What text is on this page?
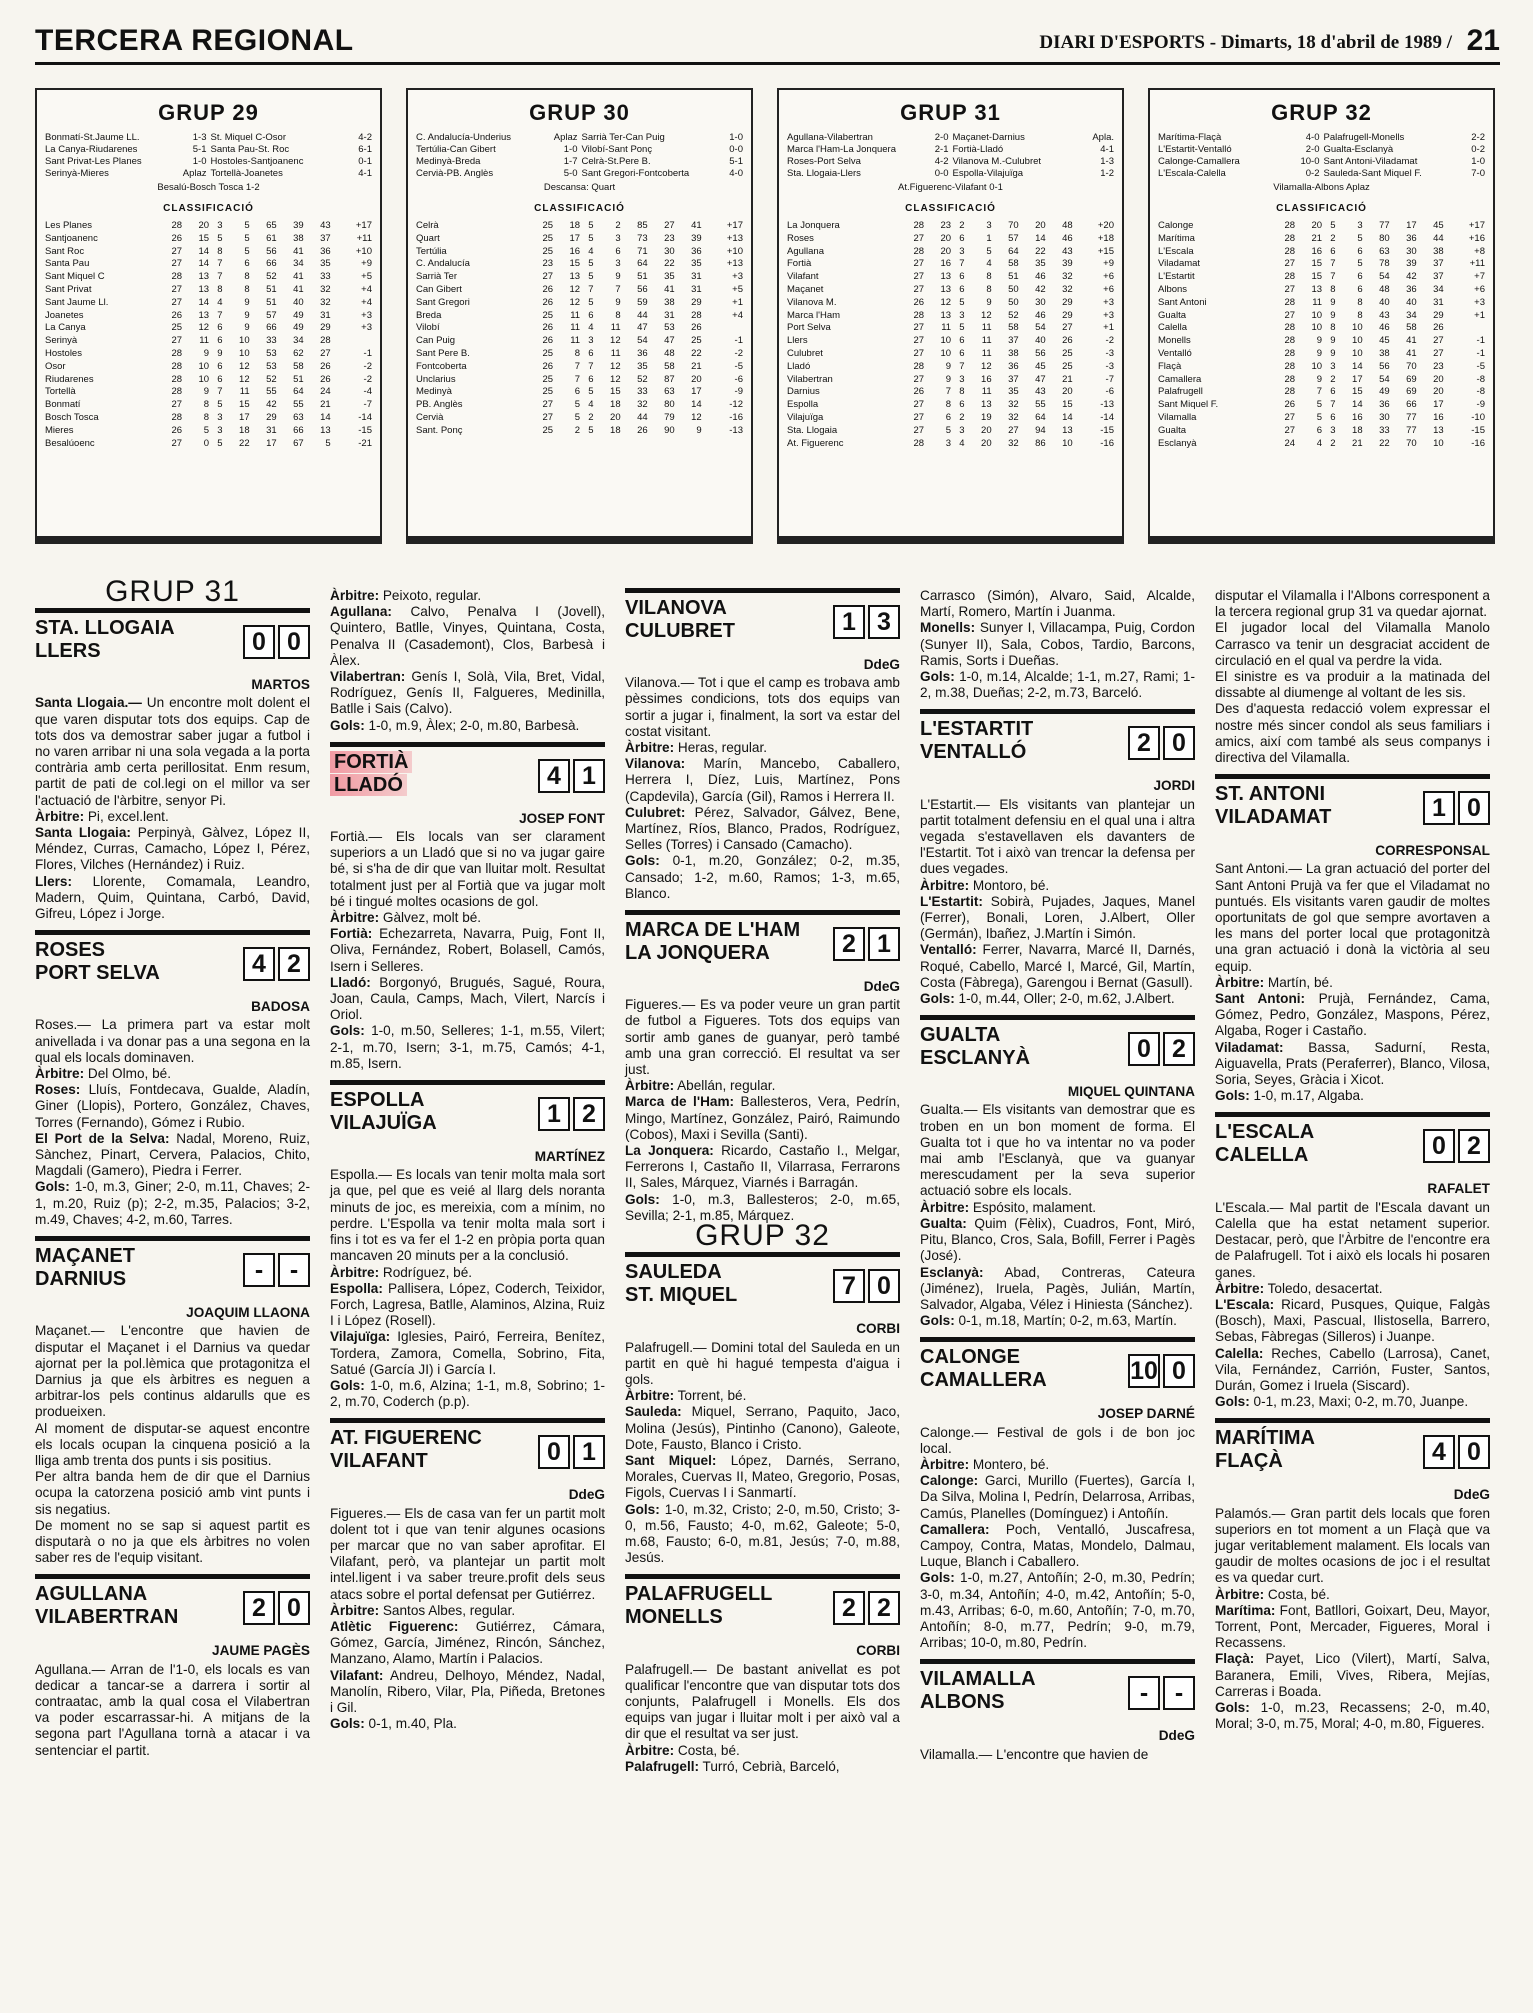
TERCERA REGIONAL	DIARI D'ESPORTS - Dimarts, 18 d'abril de 1989 / 21
GRUP 29
Bonmatí-St.Jaume LL.	1-3 St. Miquel C-Osor	4-2
La Canya-Riudarenes	5-1 Santa Pau-St. Roc	6-1
Sant Privat-Les Planes	1-0 Hostoles-Santjoanenc	0-1
Serinyà-Mieres	Aplaz Tortellà-Joanetes	4-1
Besalú-Bosch Tosca 1-2
CLASSIFICACIÓ
Les Planes	28	20	3	5	65	39	43	+17
Santjoanenc	26	15	5	5	61	38	37	+11
Sant Roc	27	14	8	5	56	41	36	+10
Santa Pau	27	14	7	6	66	34	35	+9
Sant Miquel C	28	13	7	8	52	41	33	+5
Sant Privat	27	13	8	8	51	41	32	+4
Sant Jaume Ll.	27	14	4	9	51	40	32	+4
Joanetes	26	13	7	9	57	49	31	+3
La Canya	25	12	6	9	66	49	29	+3
Serinyà	27	11	6	10	33	34	28	
Hostoles	28	9	9	10	53	62	27	-1
Osor	28	10	6	12	53	58	26	-2
Riudarenes	28	10	6	12	52	51	26	-2
Tortellà	28	9	7	11	55	64	24	-4
Bonmatí	27	8	5	15	42	55	21	-7
Bosch Tosca	28	8	3	17	29	63	14	-14
Mieres	26	5	3	18	31	66	13	-15
Besalúoenc	27	0	5	22	17	67	5	-21
GRUP 30
C. Andalucía-Underius	Aplaz Sarrià Ter-Can Puig	1-0
Tertúlia-Can Gibert	1-0 Vilobí-Sant Ponç	0-0
Medinyà-Breda	1-7 Celrà-St.Pere B.	5-1
Cervià-PB. Anglès	5-0 Sant Gregori-Fontcoberta	4-0
Descansa: Quart
CLASSIFICACIÓ
Celrà	25	18	5	2	85	27	41	+17
Quart	25	17	5	3	73	23	39	+13
Tertúlia	25	16	4	6	71	30	36	+10
C. Andalucía	23	15	5	3	64	22	35	+13
Sarrià Ter	27	13	5	9	51	35	31	+3
Can Gibert	26	12	7	7	56	41	31	+5
Sant Gregori	26	12	5	9	59	38	29	+1
Breda	25	11	6	8	44	31	28	+4
Vilobí	26	11	4	11	47	53	26	
Can Puig	26	11	3	12	54	47	25	-1
Sant Pere B.	25	8	6	11	36	48	22	-2
Fontcoberta	26	7	7	12	35	58	21	-5
Unclarius	25	7	6	12	52	87	20	-6
Medinyà	25	6	5	15	33	63	17	-9
PB. Anglès	27	5	4	18	32	80	14	-12
Cervià	27	5	2	20	44	79	12	-16
Sant. Ponç	25	2	5	18	26	90	9	-13
GRUP 31
Agullana-Vilabertran	2-0 Maçanet-Darnius	Apla.
Marca l'Ham-La Jonquera	2-1 Fortià-Lladó	4-1
Roses-Port Selva	4-2 Vilanova M.-Culubret	1-3
Sta. Llogaia-Llers	0-0 Espolla-Vilajuïga	1-2
At.Figuerenc-Vilafant 0-1
CLASSIFICACIÓ
La Jonquera	28	23	2	3	70	20	48	+20
Roses	27	20	6	1	57	14	46	+18
Agullana	28	20	3	5	64	22	43	+15
Fortià	27	16	7	4	58	35	39	+9
Vilafant	27	13	6	8	51	46	32	+6
Maçanet	27	13	6	8	50	42	32	+6
Vilanova M.	26	12	5	9	50	30	29	+3
Marca l'Ham	28	13	3	12	52	46	29	+3
Port Selva	27	11	5	11	58	54	27	+1
Llers	27	10	6	11	37	40	26	-2
Culubret	27	10	6	11	38	56	25	-3
Lladó	28	9	7	12	36	45	25	-3
Vilabertran	27	9	3	16	37	47	21	-7
Darnius	26	7	8	11	35	43	20	-6
Espolla	27	8	6	13	32	55	15	-13
Vilajuïga	27	6	2	19	32	64	14	-14
Sta. Llogaia	27	5	3	20	27	94	13	-15
At. Figuerenc	28	3	4	20	32	86	10	-16
GRUP 32
Marítima-Flaçà	4-0 Palafrugell-Monells	2-2
L'Estartit-Ventalló	2-0 Gualta-Esclanyà	0-2
Calonge-Camallera	10-0 Sant Antoni-Viladamat	1-0
L'Escala-Calella	0-2 Sauleda-Sant Miquel F.	7-0
Vilamalla-Albons Aplaz
CLASSIFICACIÓ
Calonge	28	20	5	3	77	17	45	+17
Marítima	28	21	2	5	80	36	44	+16
L'Escala	28	16	6	6	63	30	38	+8
Viladamat	27	15	7	5	78	39	37	+11
L'Estartit	28	15	7	6	54	42	37	+7
Albons	27	13	8	6	48	36	34	+6
Sant Antoni	28	11	9	8	40	40	31	+3
Gualta	27	10	9	8	43	34	29	+1
Calella	28	10	8	10	46	58	26	
Monells	28	9	9	10	45	41	27	-1
Ventalló	28	9	9	10	38	41	27	-1
Flaçà	28	10	3	14	56	70	23	-5
Camallera	28	9	2	17	54	69	20	-8
Palafrugell	28	7	6	15	49	69	20	-8
Sant Miquel F.	26	5	7	14	36	66	17	-9
Vilamalla	27	5	6	16	30	77	16	-10
Gualta	27	6	3	18	33	77	13	-15
Esclanyà	24	4	2	21	22	70	10	-16
GRUP 31
STA. LLOGAIA
LLERS	0 0
MARTOS

Santa Llogaia.— Un encontre molt dolent el que varen disputar tots dos equips. Cap de tots dos va demostrar saber jugar a futbol i no varen arribar ni una sola vegada a la porta contrària amb certa perillositat. Enm resum, partit de pati de col.legi on el millor va ser l'actuació de l'àrbitre, senyor Pi.

Àrbitre: Pi, excel.lent.

Santa Llogaia: Perpinyà, Gàlvez, López II, Méndez, Curras, Camacho, López I, Pérez, Flores, Vilches (Hernández) i Ruiz.

Llers: Llorente, Comamala, Leandro, Madern, Quim, Quintana, Carbó, David, Gifreu, López i Jorge.

ROSES
PORT SELVA	4 2
BADOSA

Roses.— La primera part va estar molt anivellada i va donar pas a una segona en la qual els locals dominaven.

Àrbitre: Del Olmo, bé.

Roses: Lluís, Fontdecava, Gualde, Aladín, Giner (Llopis), Portero, González, Chaves, Torres (Fernando), Gómez i Rubio.

El Port de la Selva: Nadal, Moreno, Ruiz, Sànchez, Pinart, Cervera, Palacios, Chito, Magdali (Gamero), Piedra i Ferrer.

Gols: 1-0, m.3, Giner; 2-0, m.11, Chaves; 2-1, m.20, Ruiz (p); 2-2, m.35, Palacios; 3-2, m.49, Chaves; 4-2, m.60, Tarres.

MAÇANET
DARNIUS	-	-
JOAQUIM LLAONA

Maçanet.— L'encontre que havien de disputar el Maçanet i el Darnius va quedar ajornat per la pol.lèmica que protagonitza el Darnius ja que els àrbitres es neguen a arbitrar-los pels continus aldarulls que es produeixen.

Al moment de disputar-se aquest encontre els locals ocupan la cinquena posició a la lliga amb trenta dos punts i sis positius.

Per altra banda hem de dir que el Darnius ocupa la catorzena posició amb vint punts i sis negatius.

De moment no se sap si aquest partit es disputarà o no ja que els àrbitres no volen saber res de l'equip visitant.

AGULLANA
VILABERTRAN	2 0
JAUME PAGÈS

Agullana.— Arran de l'1-0, els locals es van dedicar a tancar-se a darrera i sortir al contraatac, amb la qual cosa el Vilabertran va poder escarrassar-hi. A mitjans de la segona part l'Agullana tornà a atacar i va sentenciar el partit.

Àrbitre: Peixoto, regular.

Agullana: Calvo, Penalva I (Jovell), Quintero, Batlle, Vinyes, Quintana, Costa, Penalva II (Casademont), Clos, Barbesà i Àlex.

Vilabertran: Genís I, Solà, Vila, Bret, Vidal, Rodríguez, Genís II, Falgueres, Medinilla, Batlle i Sais (Calvo).

Gols: 1-0, m.9, Àlex; 2-0, m.80, Barbesà.

FORTIÀ
LLADÓ	4 1
JOSEP FONT

Fortià.— Els locals van ser clarament superiors a un Lladó que si no va jugar gaire bé, si s'ha de dir que van lluitar molt. Resultat totalment just per al Fortià que va jugar molt bé i tingué moltes ocasions de gol.

Àrbitre: Gàlvez, molt bé.

Fortià: Echezarreta, Navarra, Puig, Font II, Oliva, Fernández, Robert, Bolasell, Camós, Isern i Selleres.

Lladó: Borgonyó, Brugués, Sagué, Roura, Joan, Caula, Camps, Mach, Vilert, Narcís i Oriol.

Gols: 1-0, m.50, Selleres; 1-1, m.55, Vilert; 2-1, m.70, Isern; 3-1, m.75, Camós; 4-1, m.85, Isern.

ESPOLLA
VILAJUÏGA	1 2
MARTÍNEZ

Espolla.— Es locals van tenir molta mala sort ja que, pel que es veié al llarg dels noranta minuts de joc, es mereixia, com a mínim, no perdre. L'Espolla va tenir molta mala sort i fins i tot es va fer el 1-2 en pròpia porta quan mancaven 20 minuts per a la conclusió.

Àrbitre: Rodríguez, bé.

Espolla: Pallisera, López, Coderch, Teixidor, Forch, Lagresa, Batlle, Alaminos, Alzina, Ruiz I i López (Rosell).

Vilajuïga: Iglesies, Pairó, Ferreira, Benítez, Tordera, Zamora, Comella, Sobrino, Fita, Satué (García JI) i García I.

Gols: 1-0, m.6, Alzina; 1-1, m.8, Sobrino; 1-2, m.70, Coderch (p.p).

AT. FIGUERENC
VILAFANT	0 1
DdeG

Figueres.— Els de casa van fer un partit molt dolent tot i que van tenir algunes ocasions per marcar que no van saber aprofitar. El Vilafant, però, va plantejar un partit molt intel.ligent i va saber treure.profit dels seus atacs sobre el portal defensat per Gutiérrez.

Àrbitre: Santos Albes, regular.

Atlètic Figuerenc: Gutiérrez, Cámara, Gómez, García, Jiménez, Rincón, Sánchez, Manzano, Alamo, Martín i Palacios.

Vilafant: Andreu, Delhoyo, Méndez, Nadal, Manolín, Ribero, Vilar, Pla, Piñeda, Bretones i Gil.

Gols: 0-1, m.40, Pla.

VILANOVA
CULUBRET	1 3
DdeG

Vilanova.— Tot i que el camp es trobava amb pèssimes condicions, tots dos equips van sortir a jugar i, finalment, la sort va estar del costat visitant.

Àrbitre: Heras, regular.

Vilanova: Marín, Mancebo, Caballero, Herrera I, Díez, Luis, Martínez, Pons (Capdevila), García (Gil), Ramos i Herrera II.

Culubret: Pérez, Salvador, Gálvez, Bene, Martínez, Ríos, Blanco, Prados, Rodríguez, Selles (Torres) i Cansado (Camacho).

Gols: 0-1, m.20, González; 0-2, m.35, Cansado; 1-2, m.60, Ramos; 1-3, m.65, Blanco.

MARCA DE L'HAM
LA JONQUERA	2 1
DdeG

Figueres.— Es va poder veure un gran partit de futbol a Figueres. Tots dos equips van sortir amb ganes de guanyar, però també amb una gran correcció. El resultat va ser just.

Àrbitre: Abellán, regular.

Marca de l'Ham: Ballesteros, Vera, Pedrín, Mingo, Martínez, González, Pairó, Raimundo (Cobos), Maxi i Sevilla (Santi).

La Jonquera: Ricardo, Castaño I., Melgar, Ferrerons I, Castaño II, Vilarrasa, Ferrarons II, Sales, Márquez, Viarnés i Barragán.

Gols: 1-0, m.3, Ballesteros; 2-0, m.65, Sevilla; 2-1, m.85, Márquez.

GRUP 32
SAULEDA
ST. MIQUEL	7 0
CORBI

Palafrugell.— Domini total del Sauleda en un partit en què hi hagué tempesta d'aigua i gols.

Àrbitre: Torrent, bé.

Sauleda: Miquel, Serrano, Paquito, Jaco, Molina (Jesús), Pintinho (Canono), Galeote, Dote, Fausto, Blanco i Cristo.

Sant Miquel: López, Darnés, Serrano, Morales, Cuervas II, Mateo, Gregorio, Posas, Figols, Cuervas I i Sanmartí.

Gols: 1-0, m.32, Cristo; 2-0, m.50, Cristo; 3-0, m.56, Fausto; 4-0, m.62, Galeote; 5-0, m.68, Fausto; 6-0, m.81, Jesús; 7-0, m.88, Jesús.

PALAFRUGELL
MONELLS	2 2
CORBI

Palafrugell.— De bastant anivellat es pot qualificar l'encontre que van disputar tots dos conjunts, Palafrugell i Monells. Els dos equips van jugar i lluitar molt i per això val a dir que el resultat va ser just.

Àrbitre: Costa, bé.

Palafrugell: Turró, Cebrià, Barceló,

Carrasco (Simón), Alvaro, Said, Alcalde, Martí, Romero, Martín i Juanma.

Monells: Sunyer I, Villacampa, Puig, Cordon (Sunyer II), Sala, Cobos, Tardio, Barcons, Ramis, Sorts i Dueñas.

Gols: 1-0, m.14, Alcalde; 1-1, m.27, Rami; 1-2, m.38, Dueñas; 2-2, m.73, Barceló.

L'ESTARTIT
VENTALLÓ	2 0
JORDI

L'Estartit.— Els visitants van plantejar un partit totalment defensiu en el qual una i altra vegada s'estavellaven els davanters de l'Estartit. Tot i això van trencar la defensa per dues vegades.

Àrbitre: Montoro, bé.

L'Estartit: Sobirà, Pujades, Jaques, Manel (Ferrer), Bonali, Loren, J.Albert, Oller (Germán), Ibañez, J.Martín i Simón.

Ventalló: Ferrer, Navarra, Marcé II, Darnés, Roqué, Cabello, Marcé I, Marcé, Gil, Martín, Costa (Fàbrega), Garengou i Bernat (Gasull).

Gols: 1-0, m.44, Oller; 2-0, m.62, J.Albert.

GUALTA
ESCLANYÀ	0 2
MIQUEL QUINTANA

Gualta.— Els visitants van demostrar que es troben en un bon moment de forma. El Gualta tot i que ho va intentar no va poder mai amb l'Esclanyà, que va guanyar merescudament per la seva superior actuació sobre els locals.

Àrbitre: Espósito, malament.

Gualta: Quim (Fèlix), Cuadros, Font, Miró, Pitu, Blanco, Cros, Sala, Bofill, Ferrer i Pagès (José).

Esclanyà: Abad, Contreras, Cateura (Jiménez), Iruela, Pagès, Julián, Martín, Salvador, Algaba, Vélez i Hiniesta (Sánchez).

Gols: 0-1, m.18, Martín; 0-2, m.63, Martín.

CALONGE
CAMALLERA	10 0
JOSEP DARNÉ

Calonge.— Festival de gols i de bon joc local.

Àrbitre: Montero, bé.

Calonge: Garci, Murillo (Fuertes), García I, Da Silva, Molina I, Pedrín, Delarrosa, Arribas, Camús, Planelles (Domínguez) i Antoñín.

Camallera: Poch, Ventalló, Juscafresa, Campoy, Contra, Matas, Mondelo, Dalmau, Luque, Blanch i Caballero.

Gols: 1-0, m.27, Antoñín; 2-0, m.30, Pedrín; 3-0, m.34, Antoñín; 4-0, m.42, Antoñín; 5-0, m.43, Arribas; 6-0, m.60, Antoñín; 7-0, m.70, Antoñín; 8-0, m.77, Pedrín; 9-0, m.79, Arribas; 10-0, m.80, Pedrín.

VILAMALLA
ALBONS	-	-
DdeG

Vilamalla.— L'encontre que havien de

disputar el Vilamalla i l'Albons corresponent a la tercera regional grup 31 va quedar ajornat.

El jugador local del Vilamalla Manolo Carrasco va tenir un desgraciat accident de circulació en el qual va perdre la vida.

El sinistre es va produir a la matinada del dissabte al diumenge al voltant de les sis.

Des d'aquesta redacció volem expressar el nostre més sincer condol als seus familiars i amics, així com també als seus companys i directiva del Vilamalla.

ST. ANTONI
VILADAMAT	1 0
CORRESPONSAL

Sant Antoni.— La gran actuació del porter del Sant Antoni Prujà va fer que el Viladamat no puntués. Els visitants varen gaudir de moltes oportunitats de gol que sempre avortaven a les mans del porter local que protagonitzà una gran actuació i donà la victòria al seu equip.

Àrbitre: Martín, bé.

Sant Antoni: Prujà, Fernández, Cama, Gómez, Pedro, González, Maspons, Pérez, Algaba, Roger i Castaño.

Viladamat: Bassa, Sadurní, Resta, Aiguavella, Prats (Peraferrer), Blanco, Vilosa, Soria, Seyes, Gràcia i Xicot.

Gols: 1-0, m.17, Algaba.

L'ESCALA
CALELLA	0 2
RAFALET

L'Escala.— Mal partit de l'Escala davant un Calella que ha estat netament superior. Destacar, però, que l'Àrbitre de l'encontre era de Palafrugell. Tot i això els locals hi posaren ganes.

Àrbitre: Toledo, desacertat.

L'Escala: Ricard, Pusques, Quique, Falgàs (Bosch), Maxi, Pascual, Ilistosella, Barrero, Sebas, Fàbregas (Silleros) i Juanpe.

Calella: Reches, Cabello (Larrosa), Canet, Vila, Fernández, Carrión, Fuster, Santos, Durán, Gomez i Iruela (Siscard).

Gols: 0-1, m.23, Maxi; 0-2, m.70, Juanpe.

MARÍTIMA
FLAÇÀ	4 0
DdeG

Palamós.— Gran partit dels locals que foren superiors en tot moment a un Flaçà que va jugar veritablement malament. Els locals van gaudir de moltes ocasions de joc i el resultat es va quedar curt.

Àrbitre: Costa, bé.

Marítima: Font, Batllori, Goixart, Deu, Mayor, Torrent, Pont, Mercader, Figueres, Moral i Recassens.

Flaçà: Payet, Lico (Vilert), Martí, Salva, Baranera, Emili, Vives, Ribera, Mejías, Carreras i Boada.

Gols: 1-0, m.23, Recassens; 2-0, m.40, Moral; 3-0, m.75, Moral; 4-0, m.80, Figueres.
